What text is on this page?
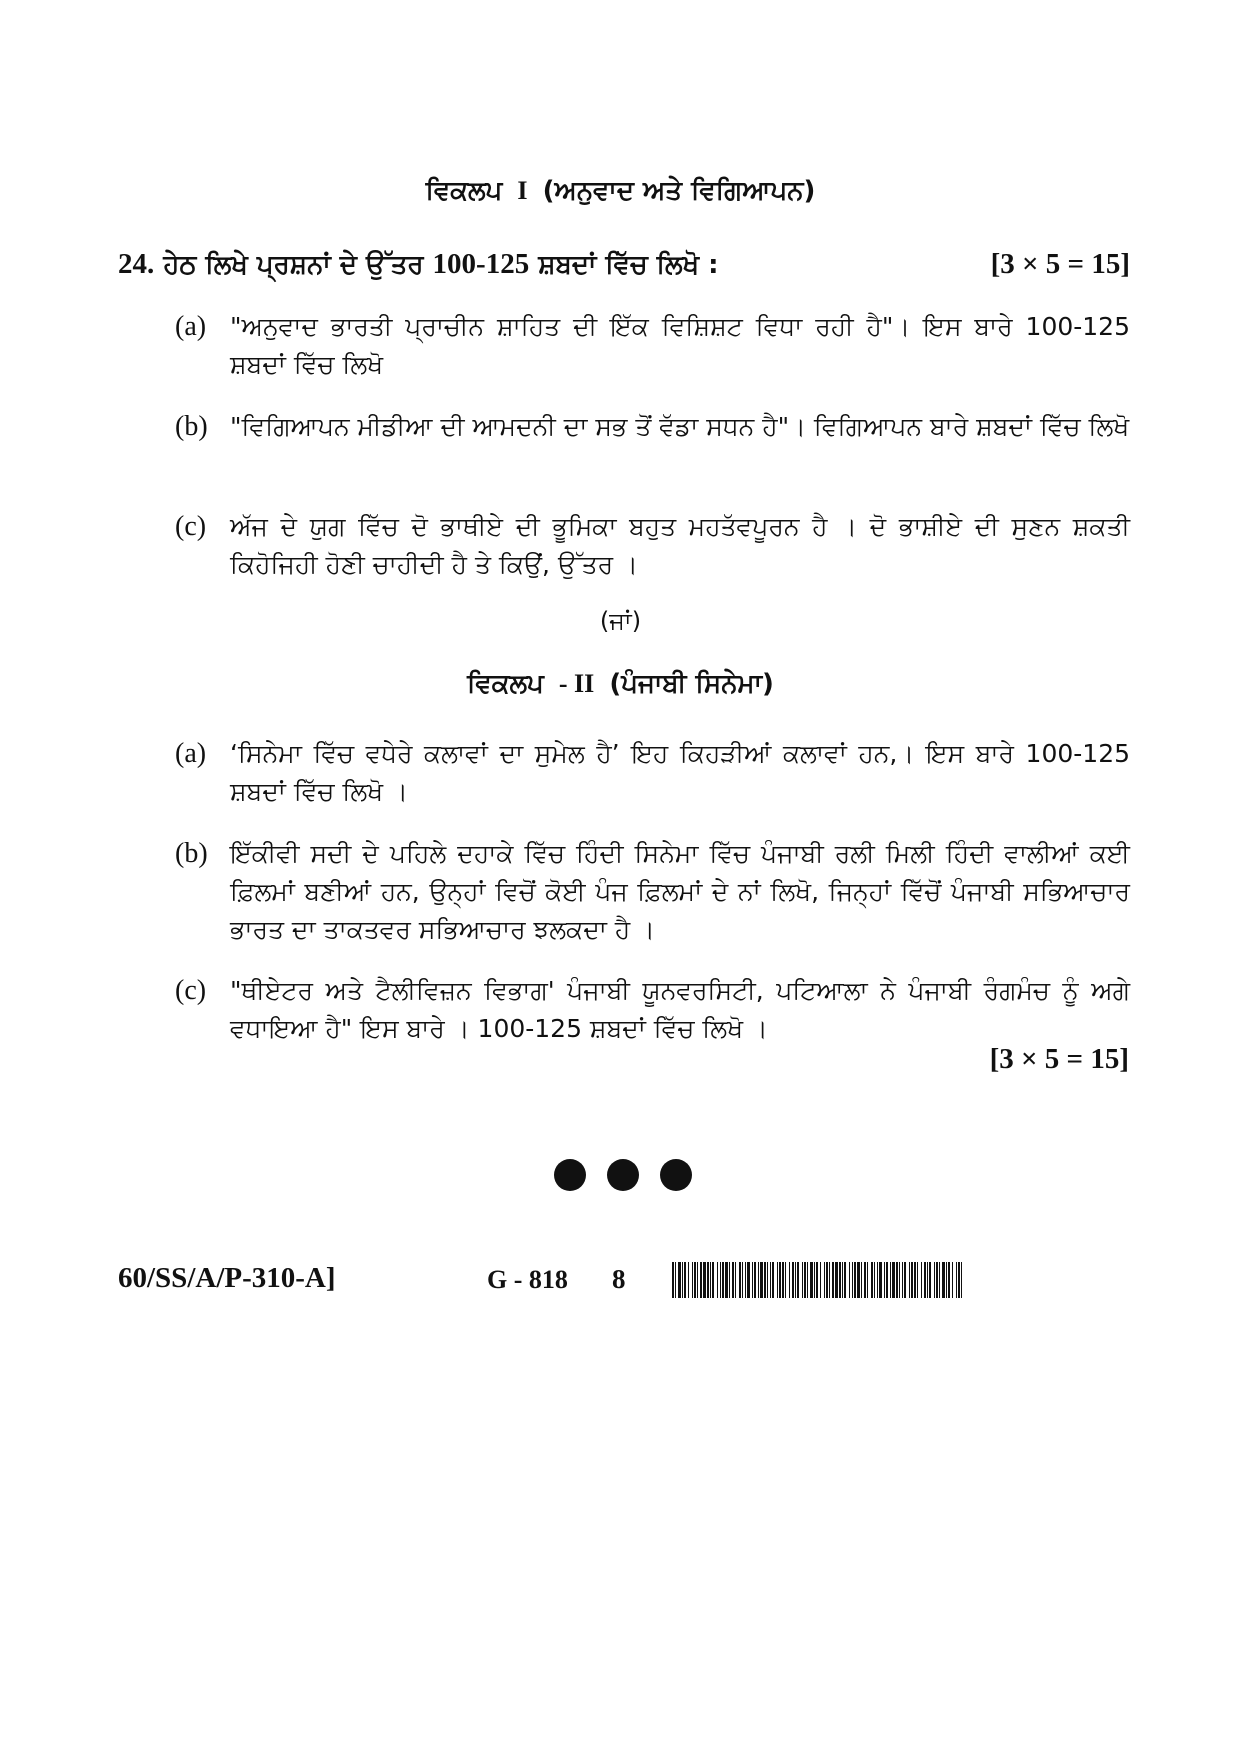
ਵਿਕਲਪ I (ਅਨੁਵਾਦ ਅਤੇ ਵਿਗਿਆਪਨ)
24. ਹੇਠ ਲਿਖੇ ਪ੍ਰਸ਼ਨਾਂ ਦੇ ਉੱਤਰ 100-125 ਸ਼ਬਦਾਂ ਵਿੱਚ ਲਿਖੋ :	[3 × 5 = 15]
(a) "ਅਨੁਵਾਦ ਭਾਰਤੀ ਪ੍ਰਾਚੀਨ ਸ਼ਾਹਿਤ ਦੀ ਇੱਕ ਵਿਸ਼ਿਸ਼ਟ ਵਿਧਾ ਰਹੀ ਹੈ"। ਇਸ ਬਾਰੇ 100-125 ਸ਼ਬਦਾਂ ਵਿੱਚ ਲਿਖੋ
(b) "ਵਿਗਿਆਪਨ ਮੀਡੀਆ ਦੀ ਆਮਦਨੀ ਦਾ ਸਭ ਤੋਂ ਵੱਡਾ ਸਧਨ ਹੈ"। ਵਿਗਿਆਪਨ ਬਾਰੇ ਸ਼ਬਦਾਂ ਵਿੱਚ ਲਿਖੋ
(c) ਅੱਜ ਦੇ ਯੁਗ ਵਿੱਚ ਦੋ ਭਾਥੀਏ ਦੀ ਭੂਮਿਕਾ ਬਹੁਤ ਮਹਤੱਵਪੂਰਨ ਹੈ । ਦੋ ਭਾਸ਼ੀਏ ਦੀ ਸੁਣਨ ਸ਼ਕਤੀ ਕਿਹੋਜਿਹੀ ਹੋਣੀ ਚਾਹੀਦੀ ਹੈ ਤੇ ਕਿਉਂ, ਉੱਤਰ ।
(ਜਾਂ)
ਵਿਕਲਪ - II (ਪੰਜਾਬੀ ਸਿਨੇਮਾ)
(a) ‘ਸਿਨੇਮਾ ਵਿੱਚ ਵਧੇਰੇ ਕਲਾਵਾਂ ਦਾ ਸੁਮੇਲ ਹੈ’ ਇਹ ਕਿਹੜੀਆਂ ਕਲਾਵਾਂ ਹਨ,। ਇਸ ਬਾਰੇ 100-125 ਸ਼ਬਦਾਂ ਵਿੱਚ ਲਿਖੋ ।
(b) ਇੱਕੀਵੀ ਸਦੀ ਦੇ ਪਹਿਲੇ ਦਹਾਕੇ ਵਿੱਚ ਹਿੰਦੀ ਸਿਨੇਮਾ ਵਿੱਚ ਪੰਜਾਬੀ ਰਲੀ ਮਿਲੀ ਹਿੰਦੀ ਵਾਲੀਆਂ ਕਈ ਫ਼ਿਲਮਾਂ ਬਣੀਆਂ ਹਨ, ਉਨ੍ਹਾਂ ਵਿਚੋਂ ਕੋਈ ਪੰਜ ਫ਼ਿਲਮਾਂ ਦੇ ਨਾਂ ਲਿਖੋ, ਜਿਨ੍ਹਾਂ ਵਿੱਚੋਂ ਪੰਜਾਬੀ ਸਭਿਆਚਾਰ ਭਾਰਤ ਦਾ ਤਾਕਤਵਰ ਸਭਿਆਚਾਰ ਝਲਕਦਾ ਹੈ ।
(c) "ਥੀਏਟਰ ਅਤੇ ਟੈਲੀਵਿਜ਼ਨ ਵਿਭਾਗ' ਪੰਜਾਬੀ ਯੂਨਵਰਸਿਟੀ, ਪਟਿਆਲਾ ਨੇ ਪੰਜਾਬੀ ਰੰਗਮੰਚ ਨੂੰ ਅਗੇ ਵਧਾਇਆ ਹੈ" ਇਸ ਬਾਰੇ । 100-125 ਸ਼ਬਦਾਂ ਵਿੱਚ ਲਿਖੋ ।
[3 × 5 = 15]
60/SS/A/P-310-A]	G - 818 8
